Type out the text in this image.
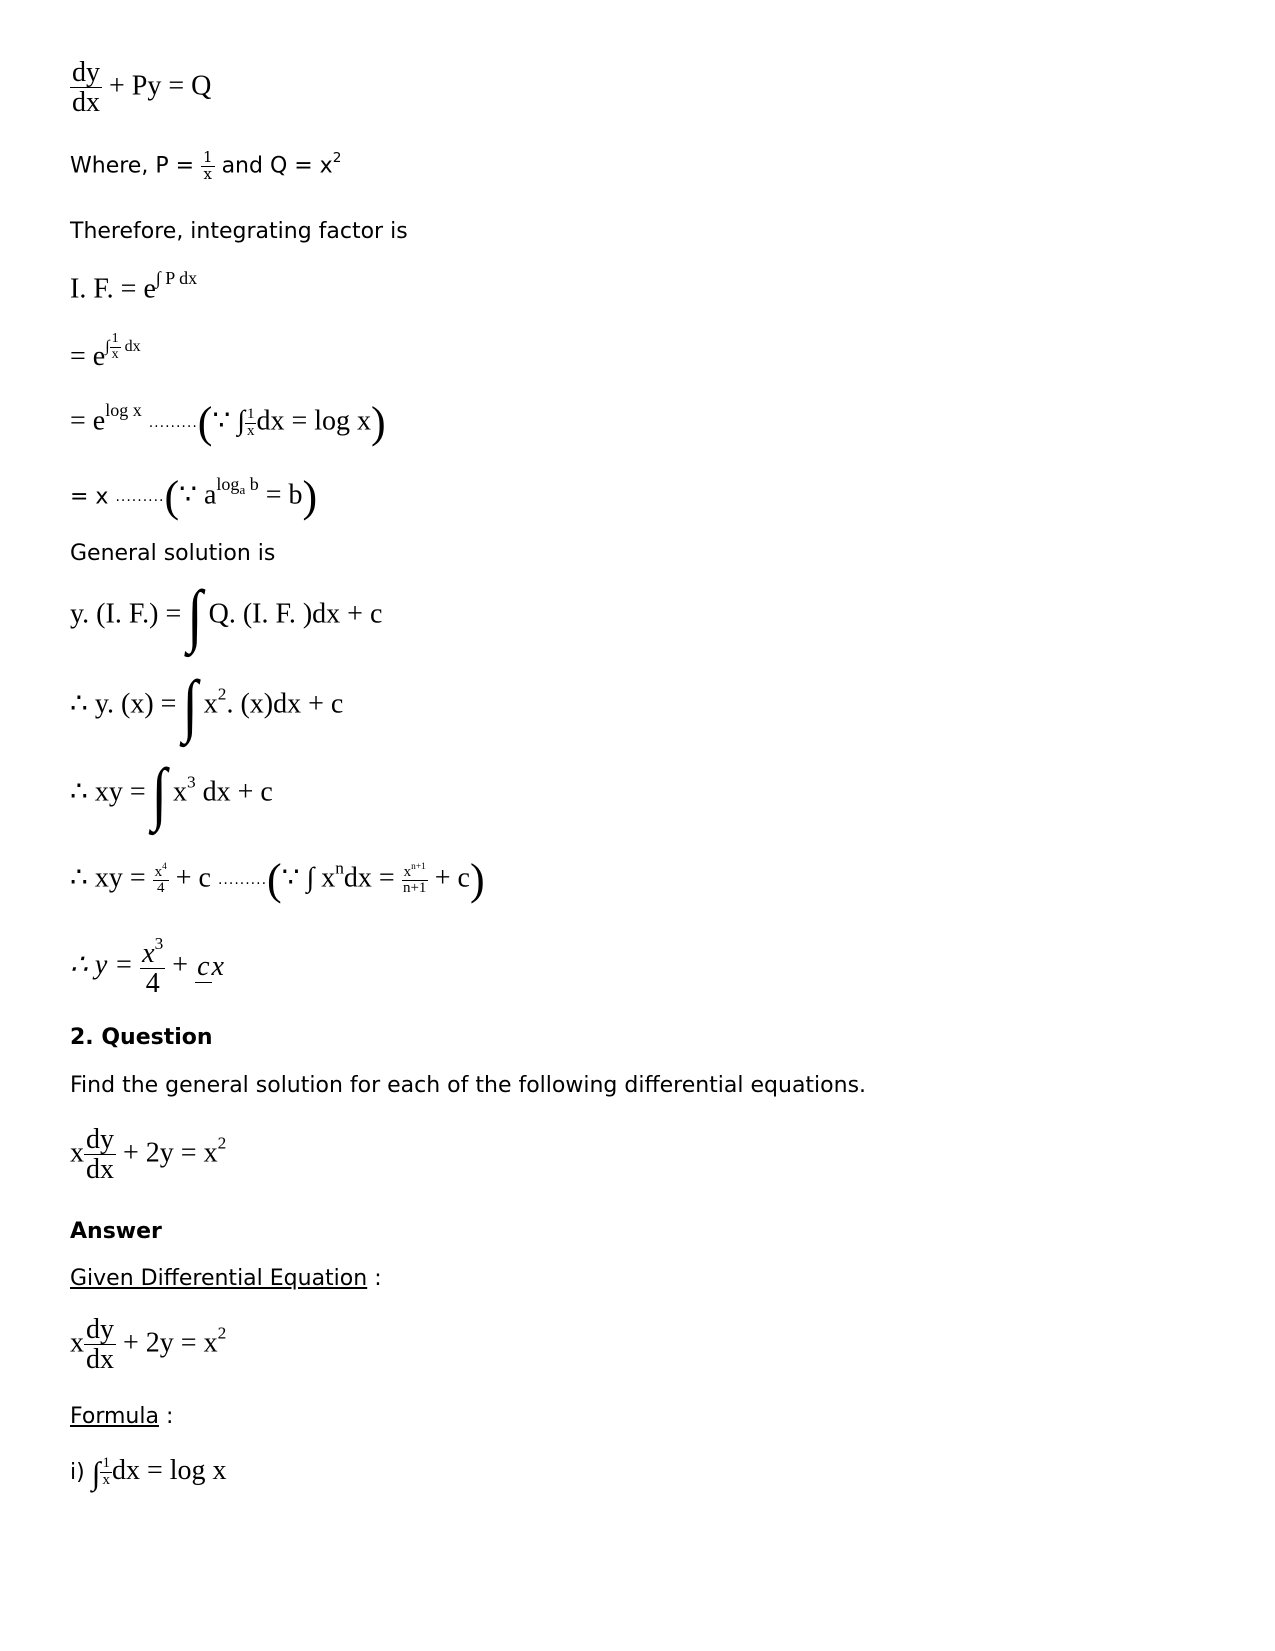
$\frac{dy}{dx} + Py = Q$
Where, $P = \frac{1}{x}$ and $Q = x^2$
Therefore, integrating factor is
I. F. = $e^{\int P dx}$
= $e^{\int \frac{1}{x} dx}$
= $e^{log x}$ .........(∵ ∫ $\frac{1}{x}$ dx = log x)
= x .........(∵ $a^{log_a b} = b$)
General solution is
y. (I. F.) = ∫ Q. (I. F. )dx + c
∴ y. (x) = ∫ $x^2$. (x)dx + c
∴ xy = ∫ $x^3$ dx + c
∴ xy = $\frac{x^4}{4} + c$ .........(∵ ∫ $x^ndx = \frac{x^{n+1}}{n+1} + c$)
∴ $y = \frac{x^3}{4}$ + cx
2. Question
Find the general solution for each of the following differential equations.
x $\frac{dy}{dx} + 2y = x^2$
Answer
Given Differential Equation :
x $\frac{dy}{dx} + 2y = x^2$
Formula :
i) ∫ $\frac{1}{x}$ dx = log x
